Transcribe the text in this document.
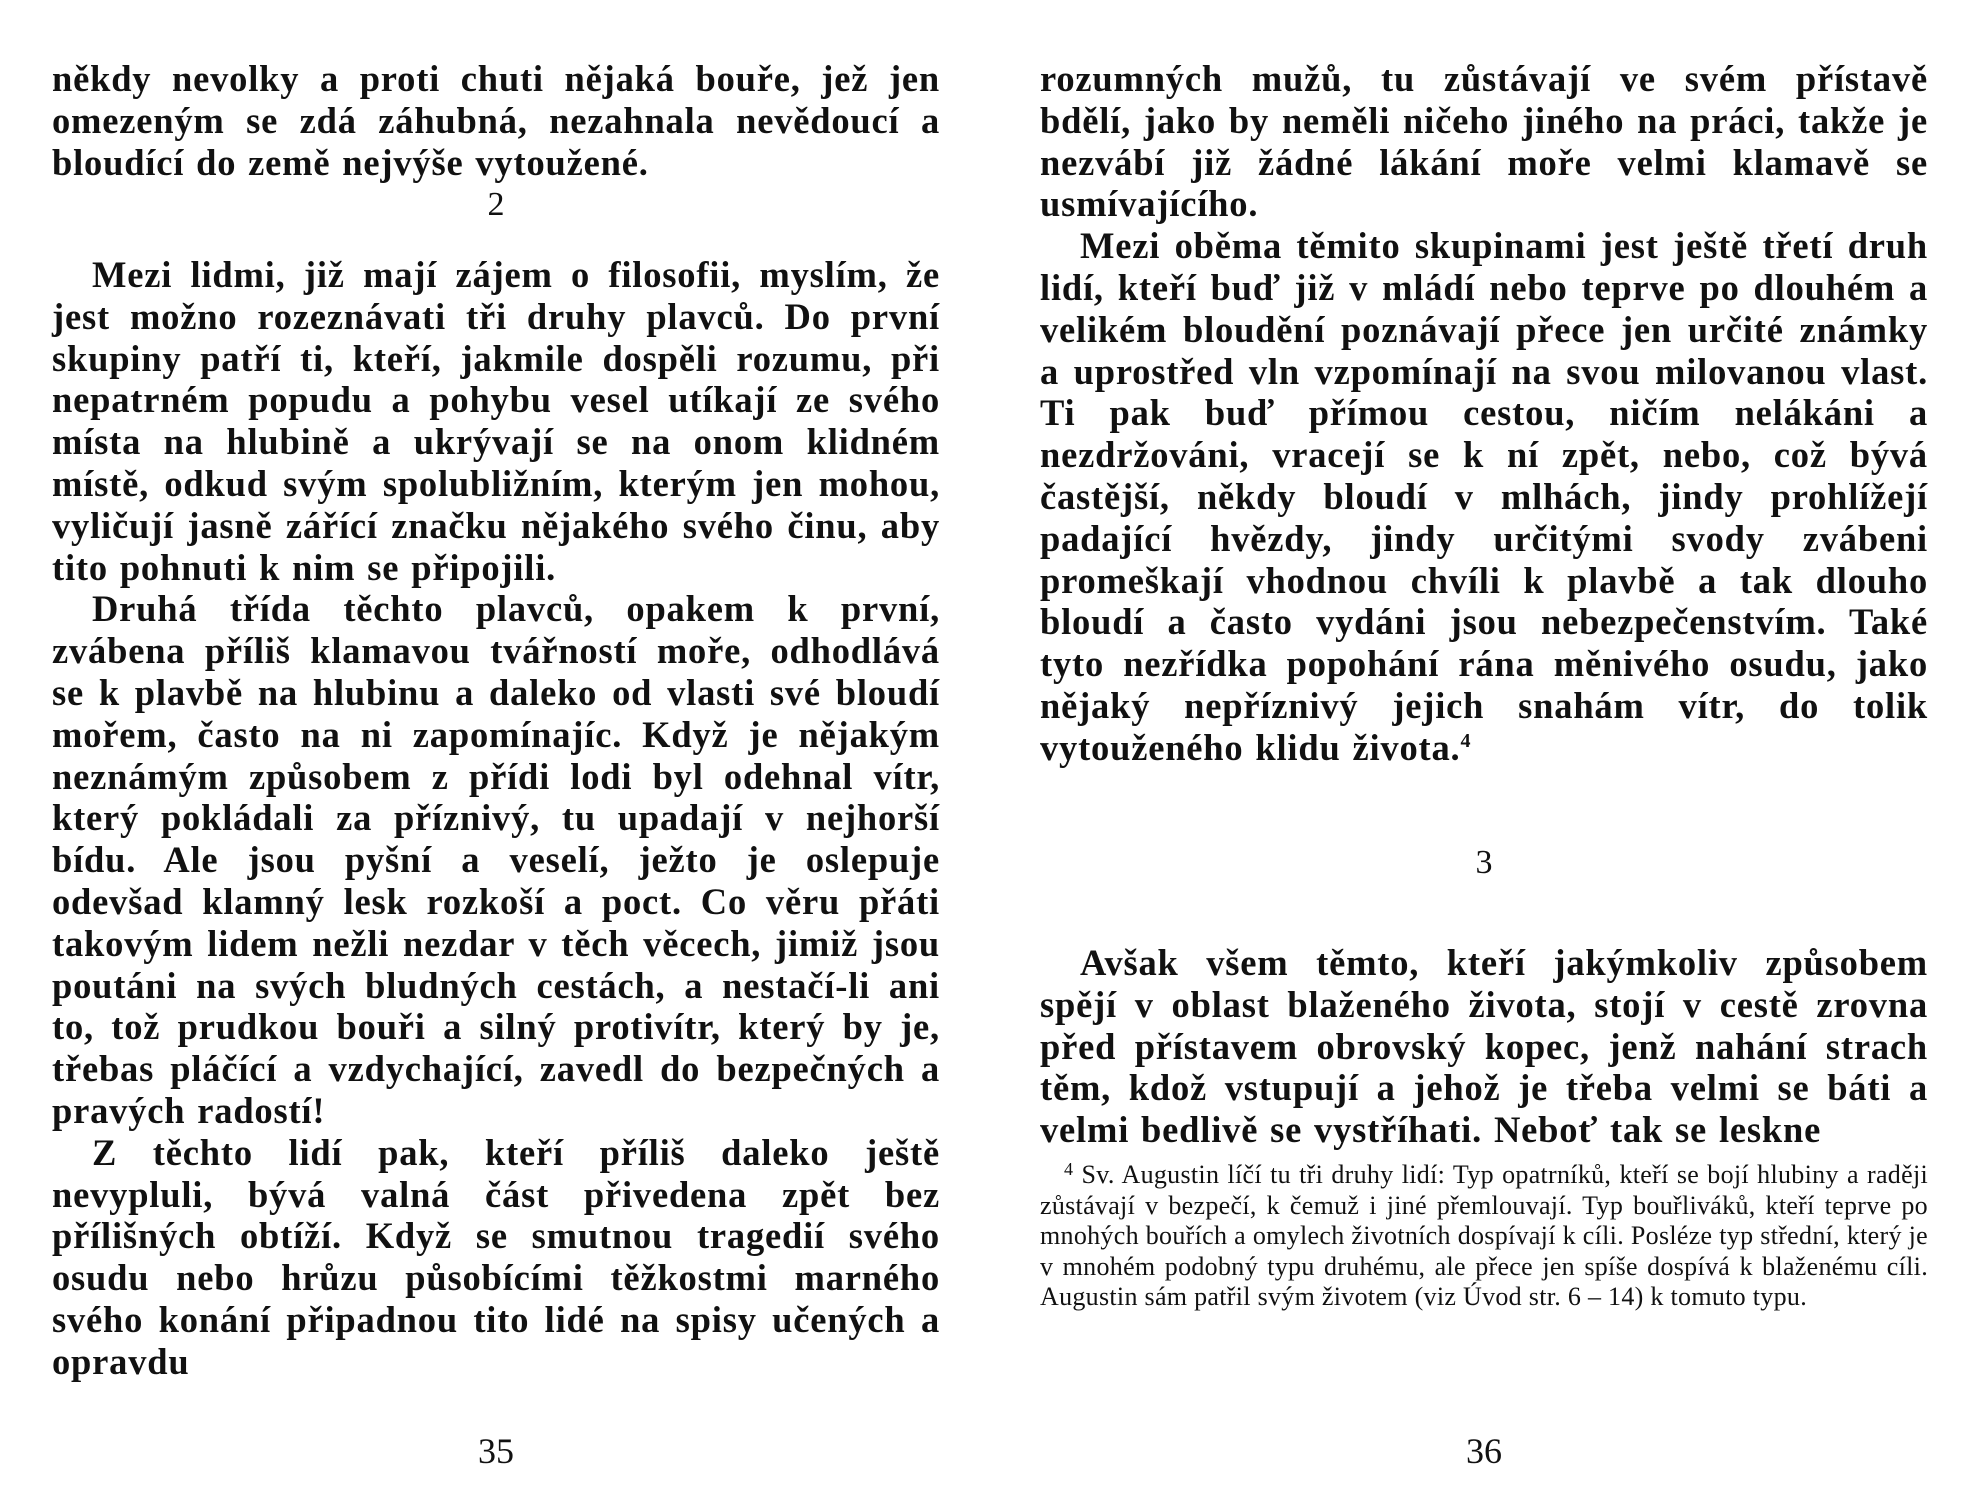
někdy nevolky a proti chuti nějaká bouře, jež jen omezeným se zdá záhubná, nezahnala nevědoucí a bloudící do země nejvýše vytoužené.

2

Mezi lidmi, již mají zájem o filosofii, myslím, že jest možno rozeznávati tři druhy plavců. Do první skupiny patří ti, kteří, jakmile dospěli rozumu, při nepatrném popudu a pohybu vesel utíkají ze svého místa na hlubině a ukrývají se na onom klidném místě, odkud svým spolubližním, kterým jen mohou, vyličují jasně zářící značku nějakého svého činu, aby tito pohnuti k nim se připojili.

Druhá třída těchto plavců, opakem k první, zvábena příliš klamavou tvářností moře, odhodlává se k plavbě na hlubinu a daleko od vlasti své bloudí mořem, často na ni zapomínajíc. Když je nějakým neznámým způsobem z přídi lodi byl odehnal vítr, který pokládali za příznivý, tu upadají v nejhorší bídu. Ale jsou pyšní a veselí, ježto je oslepuje odevšad klamný lesk rozkoší a poct. Co věru přáti takovým lidem nežli nezdar v těch věcech, jimiž jsou poutáni na svých bludných cestách, a nestačí-li ani to, tož prudkou bouři a silný protivítr, který by je, třebas pláčící a vzdychající, zavedl do bezpečných a pravých radostí!

Z těchto lidí pak, kteří příliš daleko ještě nevypluli, bývá valná část přivedena zpět bez přílišných obtíží. Když se smutnou tragedií svého osudu nebo hrůzu působícími těžkostmi marného svého konání připadnou tito lidé na spisy učených a opravdu

35

rozumných mužů, tu zůstávají ve svém přístavě bdělí, jako by neměli ničeho jiného na práci, takže je nezvábí již žádné lákání moře velmi klamavě se usmívajícího.

Mezi oběma těmito skupinami jest ještě třetí druh lidí, kteří buď již v mládí nebo teprve po dlouhém a velikém bloudění poznávají přece jen určité známky a uprostřed vln vzpomínají na svou milovanou vlast. Ti pak buď přímou cestou, ničím nelákáni a nezdržováni, vracejí se k ní zpět, nebo, což bývá častější, někdy bloudí v mlhách, jindy prohlížejí padající hvězdy, jindy určitými svody zvábeni promeškají vhodnou chvíli k plavbě a tak dlouho bloudí a často vydáni jsou nebezpečenstvím. Také tyto nezřídka popohání rána měnivého osudu, jako nějaký nepříznivý jejich snahám vítr, do tolik vytouženého klidu života.$^4$

3

Avšak všem těmto, kteří jakýmkoliv způsobem spějí v oblast blaženého života, stojí v cestě zrovna před přístavem obrovský kopec, jenž nahání strach těm, kdož vstupují a jehož je třeba velmi se báti a velmi bedlivě se vystříhati. Neboť tak se leskne

$^4$ Sv. Augustin líčí tu tři druhy lidí: Typ opatrníků, kteří se bojí hlubiny a raději zůstávají v bezpečí, k čemuž i jiné přemlouvají. Typ bouřliváků, kteří teprve po mnohých bouřích a omylech životních dospívají k cíli. Posléze typ střední, který je v mnohém podobný typu druhému, ale přece jen spíše dospívá k blaženému cíli. Augustin sám patřil svým životem (viz Úvod str. 6 – 14) k tomuto typu.

36
